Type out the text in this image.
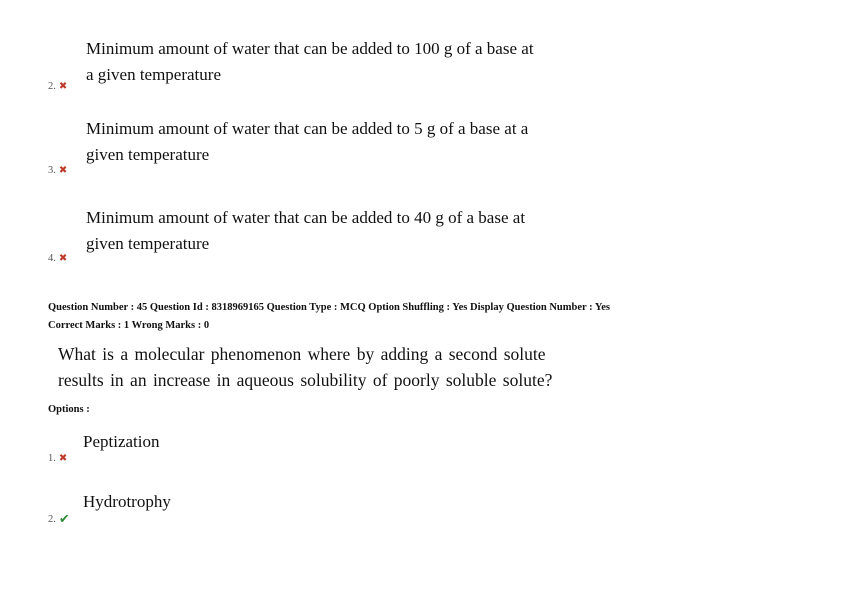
Minimum amount of water that can be added to 100 g of a base at
a given temperature
2. ✖
Minimum amount of water that can be added to 5 g of a base at a
given temperature
3. ✖
Minimum amount of water that can be added to 40 g of a base at
given temperature
4. ✖
Question Number : 45 Question Id : 8318969165 Question Type : MCQ Option Shuffling : Yes Display Question Number : Yes
Correct Marks : 1 Wrong Marks : 0
What is a molecular phenomenon where by adding a second solute
results in an increase in aqueous solubility of poorly soluble solute?
Options :
Peptization
1. ✖
Hydrotrophy
2. ✔
